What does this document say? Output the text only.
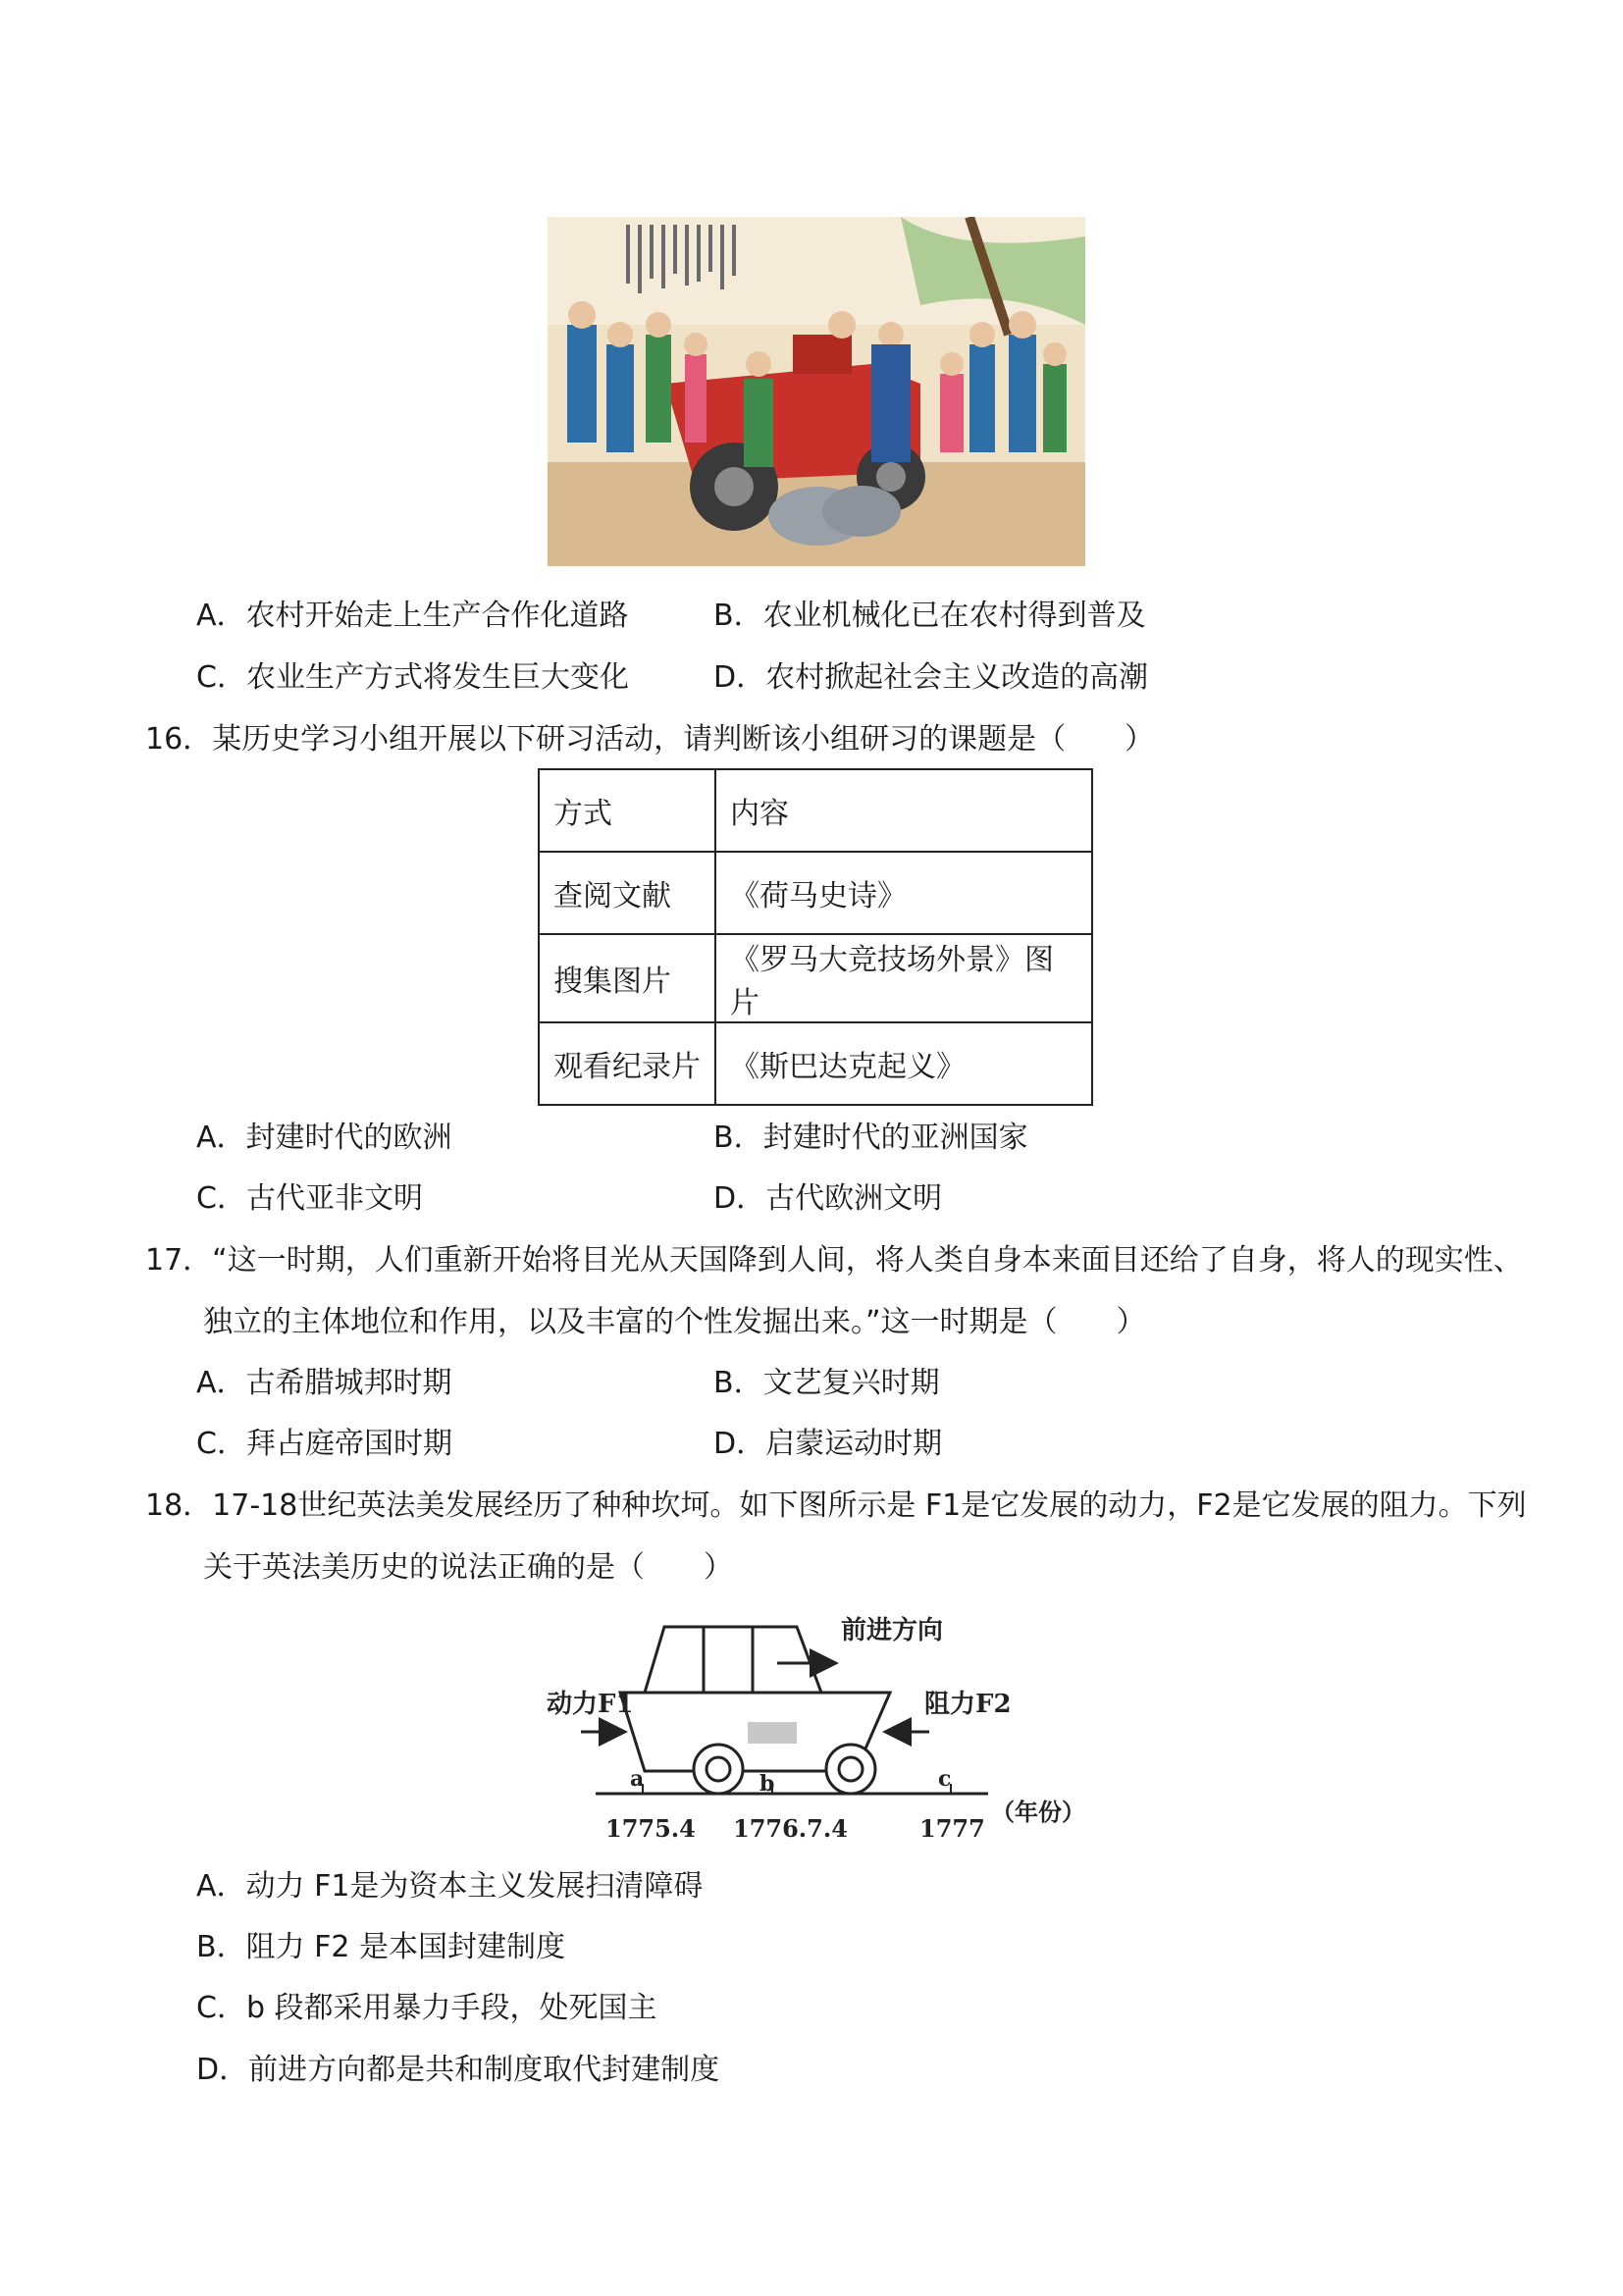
A．农村开始走上生产合作化道路	B．农业机械化已在农村得到普及
C．农业生产方式将发生巨大变化	D．农村掀起社会主义改造的高潮
16．某历史学习小组开展以下研习活动，请判断该小组研习的课题是（　　）
方式	内容
查阅文献	《荷马史诗》
搜集图片	《罗马大竞技场外景》图片
观看纪录片	《斯巴达克起义》
A．封建时代的欧洲	B．封建时代的亚洲国家
C．古代亚非文明	D．古代欧洲文明
17．“这一时期，人们重新开始将目光从天国降到人间，将人类自身本来面目还给了自身，将人的现实性、
独立的主体地位和作用，以及丰富的个性发掘出来。”这一时期是（　　）
A．古希腊城邦时期	B．文艺复兴时期
C．拜占庭帝国时期	D．启蒙运动时期
18．17-18世纪英法美发展经历了种种坎坷。如下图所示是 F1是它发展的动力，F2是它发展的阻力。下列
关于英法美历史的说法正确的是（　　）
前进方向
动力F1	阻力F2
a	b	c
1775.4 1776.7.4	1777
（年份）
A．动力 F1是为资本主义发展扫清障碍
B．阻力 F2 是本国封建制度
C．b 段都采用暴力手段，处死国主
D．前进方向都是共和制度取代封建制度
